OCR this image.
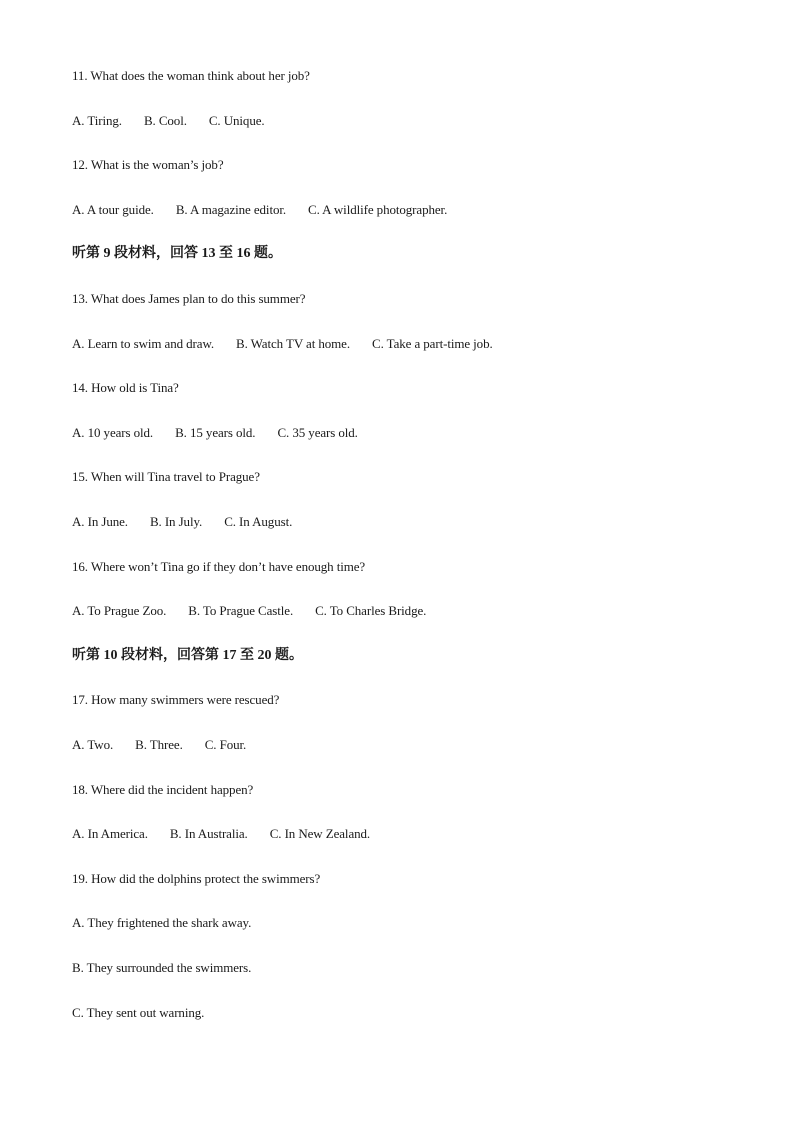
11. What does the woman think about her job?
A. Tiring. B. Cool. C. Unique.
12. What is the woman’s job?
A. A tour guide. B. A magazine editor. C. A wildlife photographer.
听第 9 段材料，回答 13 至 16 题。
13. What does James plan to do this summer?
A. Learn to swim and draw. B. Watch TV at home. C. Take a part-time job.
14. How old is Tina?
A. 10 years old. B. 15 years old. C. 35 years old.
15. When will Tina travel to Prague?
A. In June. B. In July. C. In August.
16. Where won’t Tina go if they don’t have enough time?
A. To Prague Zoo. B. To Prague Castle. C. To Charles Bridge.
听第 10 段材料，回答第 17 至 20 题。
17. How many swimmers were rescued?
A. Two. B. Three. C. Four.
18. Where did the incident happen?
A. In America. B. In Australia. C. In New Zealand.
19. How did the dolphins protect the swimmers?
A. They frightened the shark away.
B. They surrounded the swimmers.
C. They sent out warning.
